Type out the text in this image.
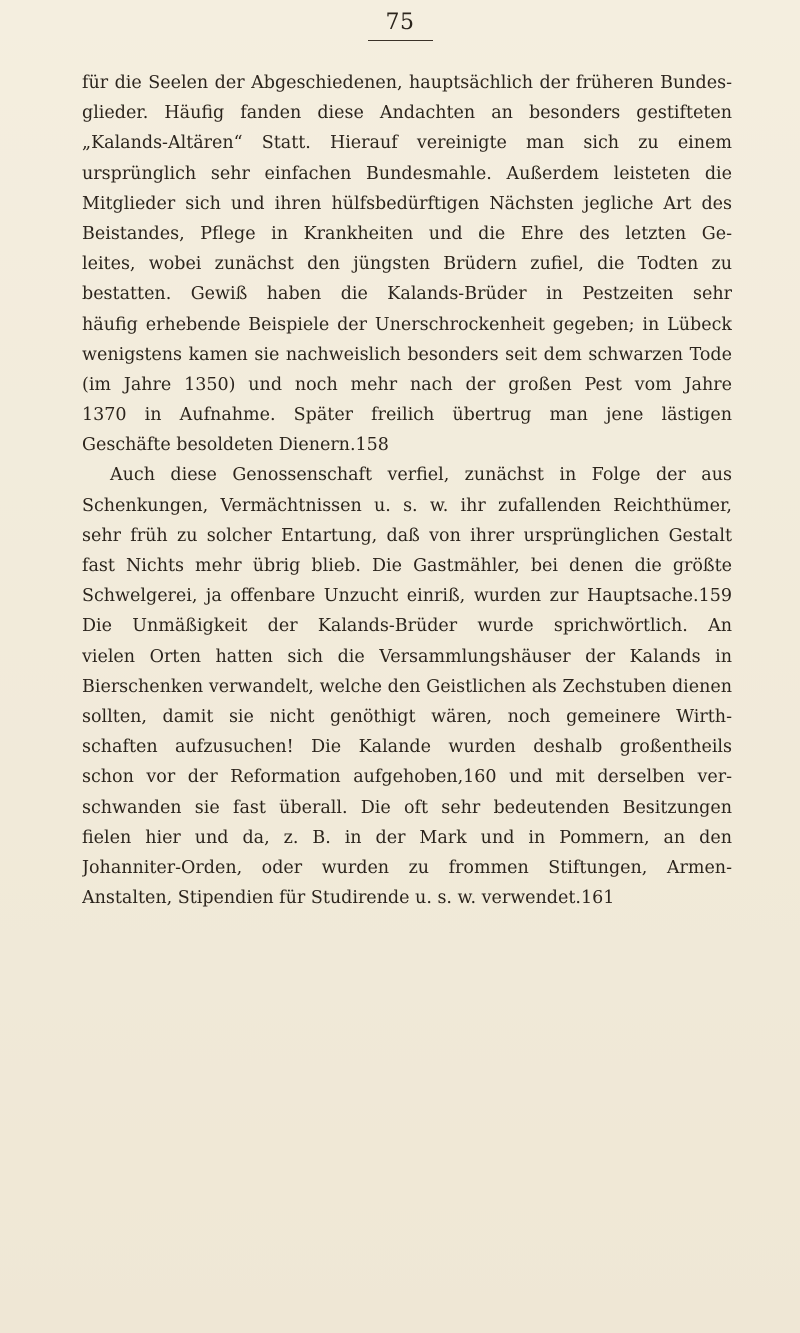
75
für die Seelen der Abgeschiedenen, hauptsächlich der früheren Bundes-
glieder. Häufig fanden diese Andachten an besonders gestifteten
„Kalands-Altären“ Statt. Hierauf vereinigte man sich zu einem
ursprünglich sehr einfachen Bundesmahle. Außerdem leisteten die
Mitglieder sich und ihren hülfsbedürftigen Nächsten jegliche Art des
Beistandes, Pflege in Krankheiten und die Ehre des letzten Ge-
leites, wobei zunächst den jüngsten Brüdern zufiel, die Todten zu
bestatten. Gewiß haben die Kalands-Brüder in Pestzeiten sehr
häufig erhebende Beispiele der Unerschrockenheit gegeben; in Lübeck
wenigstens kamen sie nachweislich besonders seit dem schwarzen Tode
(im Jahre 1350) und noch mehr nach der großen Pest vom Jahre
1370 in Aufnahme. Später freilich übertrug man jene lästigen
Geschäfte besoldeten Dienern.158
Auch diese Genossenschaft verfiel, zunächst in Folge der aus
Schenkungen, Vermächtnissen u. s. w. ihr zufallenden Reichthümer,
sehr früh zu solcher Entartung, daß von ihrer ursprünglichen Gestalt
fast Nichts mehr übrig blieb. Die Gastmähler, bei denen die größte
Schwelgerei, ja offenbare Unzucht einriß, wurden zur Hauptsache.159
Die Unmäßigkeit der Kalands-Brüder wurde sprichwörtlich. An
vielen Orten hatten sich die Versammlungshäuser der Kalands in
Bierschenken verwandelt, welche den Geistlichen als Zechstuben dienen
sollten, damit sie nicht genöthigt wären, noch gemeinere Wirth-
schaften aufzusuchen! Die Kalande wurden deshalb großentheils
schon vor der Reformation aufgehoben,160 und mit derselben ver-
schwanden sie fast überall. Die oft sehr bedeutenden Besitzungen
fielen hier und da, z. B. in der Mark und in Pommern, an den
Johanniter-Orden, oder wurden zu frommen Stiftungen, Armen-
Anstalten, Stipendien für Studirende u. s. w. verwendet.161
